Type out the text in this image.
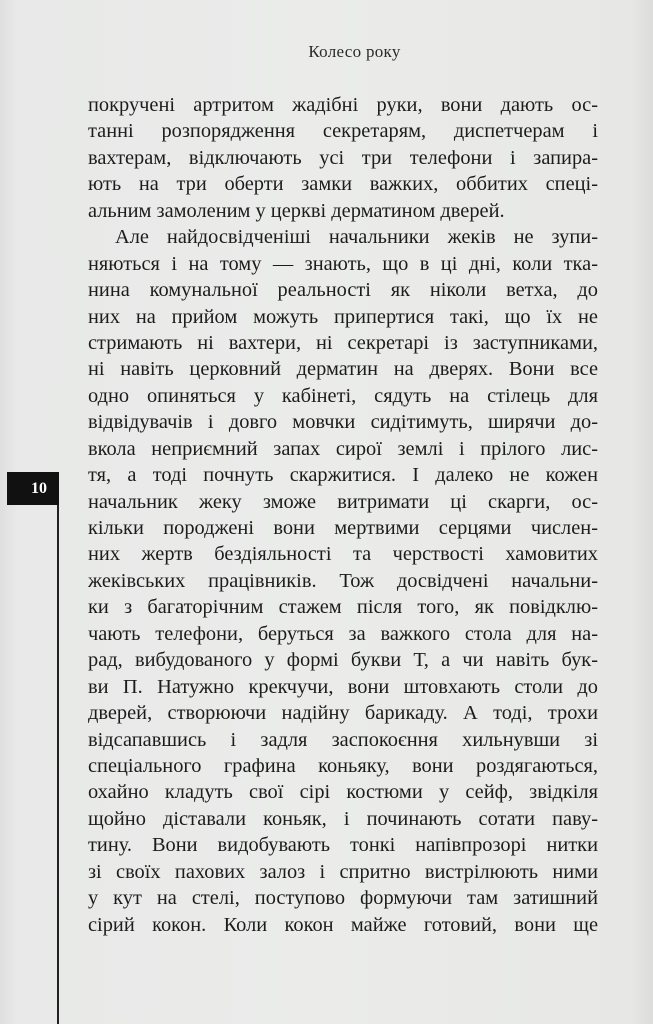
Колесо року
10
покручені артритом жадібні руки, вони дають ос-
танні розпорядження секретарям, диспетчерам і
вахтерам, відключають усі три телефони і запира-
ють на три оберти замки важких, оббитих спеці-
альним замоленим у церкві дерматином дверей.
Але найдосвідченіші начальники жеків не зупи-
няються і на тому — знають, що в ці дні, коли тка-
нина комунальної реальності як ніколи ветха, до
них на прийом можуть припертися такі, що їх не
стримають ні вахтери, ні секретарі із заступниками,
ні навіть церковний дерматин на дверях. Вони все
одно опиняться у кабінеті, сядуть на стілець для
відвідувачів і довго мовчки сидітимуть, ширячи до-
вкола неприємний запах сирої землі і прілого лис-
тя, а тоді почнуть скаржитися. І далеко не кожен
начальник жеку зможе витримати ці скарги, ос-
кільки породжені вони мертвими серцями числен-
них жертв бездіяльності та черствості хамовитих
жеківських працівників. Тож досвідчені начальни-
ки з багаторічним стажем після того, як повідклю-
чають телефони, беруться за важкого стола для на-
рад, вибудованого у формі букви Т, а чи навіть бук-
ви П. Натужно крекчучи, вони штовхають столи до
дверей, створюючи надійну барикаду. А тоді, трохи
відсапавшись і задля заспокоєння хильнувши зі
спеціального графина коньяку, вони роздягаються,
охайно кладуть свої сірі костюми у сейф, звідкіля
щойно діставали коньяк, і починають сотати паву-
тину. Вони видобувають тонкі напівпрозорі нитки
зі своїх пахових залоз і спритно вистрілюють ними
у кут на стелі, поступово формуючи там затишний
сірий кокон. Коли кокон майже готовий, вони ще
